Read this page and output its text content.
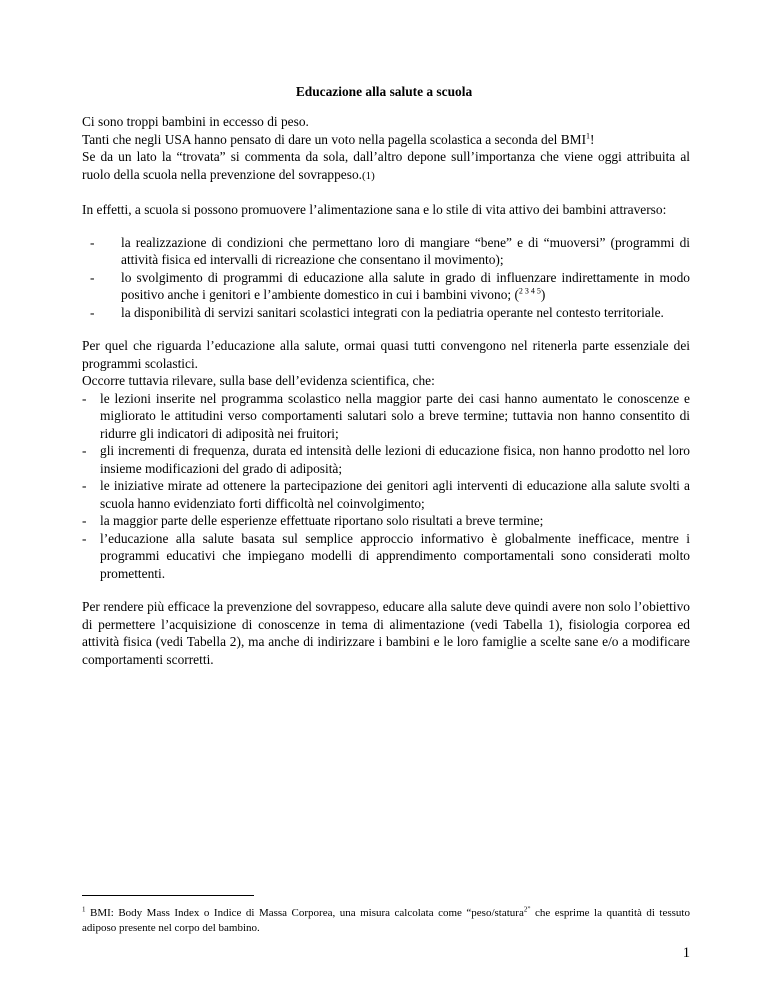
Educazione alla salute a scuola

Ci sono troppi bambini in eccesso di peso.

Tanti che negli USA hanno pensato di dare un voto nella pagella scolastica a seconda del BMI$^1$!

Se da un lato la “trovata” si commenta da sola, dall’altro depone sull’importanza che viene oggi attribuita al ruolo della scuola nella prevenzione del sovrappeso.(1)

In effetti, a scuola si possono promuovere l’alimentazione sana e lo stile di vita attivo dei bambini attraverso:

- la realizzazione di condizioni che permettano loro di mangiare “bene” e di “muoversi” (programmi di attività fisica ed intervalli di ricreazione che consentano il movimento);
- lo svolgimento di programmi di educazione alla salute in grado di influenzare indirettamente in modo positivo anche i genitori e l’ambiente domestico in cui i bambini vivono; ($^{2 3 4 5}$)
- la disponibilità di servizi sanitari scolastici integrati con la pediatria operante nel contesto territoriale.

Per quel che riguarda l’educazione alla salute, ormai quasi tutti convengono nel ritenerla parte essenziale dei programmi scolastici.

Occorre tuttavia rilevare, sulla base dell’evidenza scientifica, che:

- le lezioni inserite nel programma scolastico nella maggior parte dei casi hanno aumentato le conoscenze e migliorato le attitudini verso comportamenti salutari solo a breve termine; tuttavia non hanno consentito di ridurre gli indicatori di adiposità nei fruitori;
- gli incrementi di frequenza, durata ed intensità delle lezioni di educazione fisica, non hanno prodotto nel loro insieme modificazioni del grado di adiposità;
- le iniziative mirate ad ottenere la partecipazione dei genitori agli interventi di educazione alla salute svolti a scuola hanno evidenziato forti difficoltà nel coinvolgimento;
- la maggior parte delle esperienze effettuate riportano solo risultati a breve termine;
- l’educazione alla salute basata sul semplice approccio informativo è globalmente inefficace, mentre i programmi educativi che impiegano modelli di apprendimento comportamentali sono considerati molto promettenti.

Per rendere più efficace la prevenzione del sovrappeso, educare alla salute deve quindi avere non solo l’obiettivo di permettere l’acquisizione di conoscenze in tema di alimentazione (vedi Tabella 1), fisiologia corporea ed attività fisica (vedi Tabella 2), ma anche di indirizzare i bambini e le loro famiglie a scelte sane e/o a modificare comportamenti scorretti.

$^1$ BMI: Body Mass Index o Indice di Massa Corporea, una misura calcolata come “peso/statura$^{2”}$ che esprime la quantità di tessuto adiposo presente nel corpo del bambino.

1
